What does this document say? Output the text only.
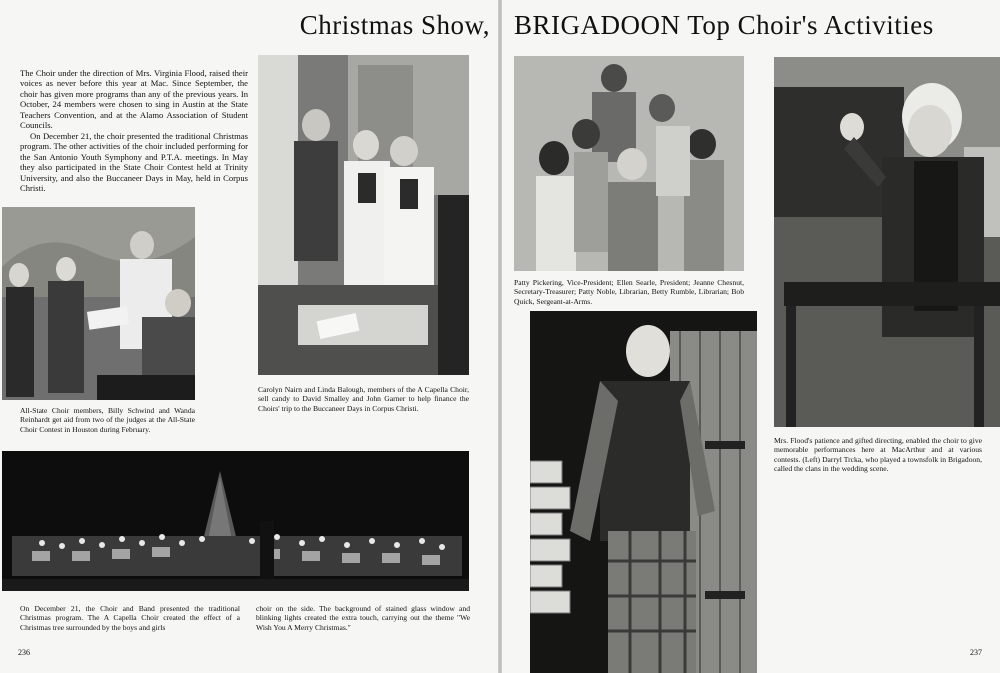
Christmas Show,

The Choir under the direction of Mrs. Virginia Flood, raised their voices as never before this year at Mac. Since September, the choir has given more programs than any of the previous years. In October, 24 members were chosen to sing in Austin at the State Teachers Convention, and at the Alamo Association of Student Councils.

On December 21, the choir presented the traditional Christmas program. The other activities of the choir included performing for the San Antonio Youth Symphony and P.T.A. meetings. In May they also participated in the State Choir Contest held at Trinity University, and also the Buccaneer Days in May, held in Corpus Christi.

All-State Choir members, Billy Schwind and Wanda Reinhardt get aid from two of the judges at the All-State Choir Contest in Houston during February.

Carolyn Nairn and Linda Balough, members of the A Capella Choir, sell candy to David Smalley and John Garner to help finance the Choirs' trip to the Buccaneer Days in Corpus Christi.

On December 21, the Choir and Band presented the traditional Christmas program. The A Capella Choir created the effect of a Christmas tree surrounded by the boys and girls

choir on the side. The background of stained glass window and blinking lights created the extra touch, carrying out the theme "We Wish You A Merry Christmas."

236
BRIGADOON Top Choir's Activities

Patty Pickering, Vice-President; Ellen Searle, President; Jeanne Chesnut, Secretary-Treasurer; Patty Noble, Librarian, Betty Rumble, Librarian; Bob Quick, Sergeant-at-Arms.

Mrs. Flood's patience and gifted directing, enabled the choir to give memorable performances here at MacArthur and at various contests. (Left) Darryl Trcka, who played a townsfolk in Brigadoon, called the clans in the wedding scene.

237
